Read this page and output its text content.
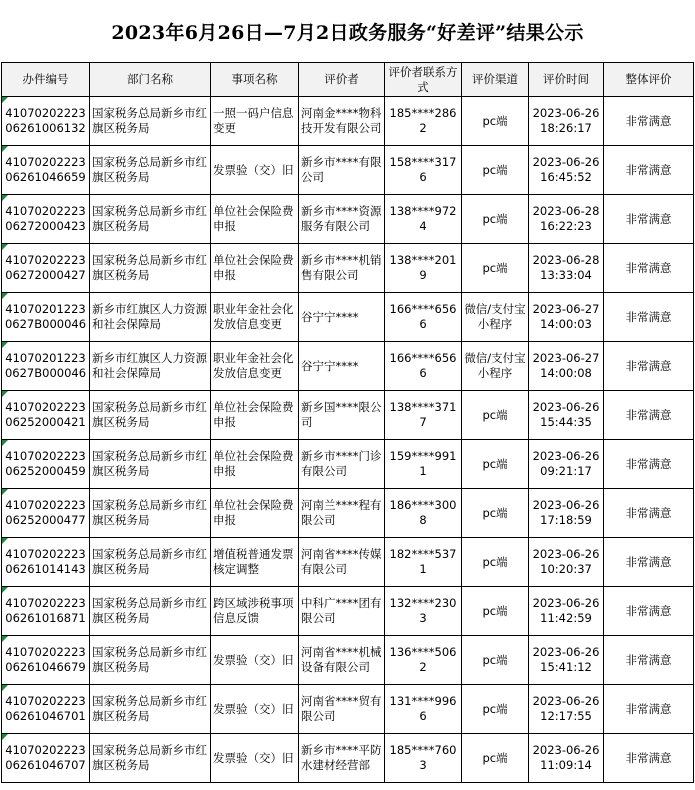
2023年6月26日—7月2日政务服务“好差评”结果公示
办件编号	部门名称	事项名称	评价者	评价者联系方式	评价渠道	评价时间	整体评价
4107020222306261006132	国家税务总局新乡市红旗区税务局	一照一码户信息变更	河南金****物科技开发有限公司	185****2862	pc端	2023-06-26 18:26:17	非常满意
4107020222306261046659	国家税务总局新乡市红旗区税务局	发票验（交）旧	新乡市****有限公司	158****3176	pc端	2023-06-26 16:45:52	非常满意
4107020222306272000423	国家税务总局新乡市红旗区税务局	单位社会保险费申报	新乡市****资源服务有限公司	138****9724	pc端	2023-06-28 16:22:23	非常满意
4107020222306272000427	国家税务总局新乡市红旗区税务局	单位社会保险费申报	新乡市****机销售有限公司	138****2019	pc端	2023-06-28 13:33:04	非常满意
410702012230627B000046	新乡市红旗区人力资源和社会保障局	职业年金社会化发放信息变更	谷宁宁****	166****6566	微信/支付宝小程序	2023-06-27 14:00:03	非常满意
410702012230627B000046	新乡市红旗区人力资源和社会保障局	职业年金社会化发放信息变更	谷宁宁****	166****6566	微信/支付宝小程序	2023-06-27 14:00:08	非常满意
4107020222306252000421	国家税务总局新乡市红旗区税务局	单位社会保险费申报	新乡国****限公司	138****3717	pc端	2023-06-26 15:44:35	非常满意
4107020222306252000459	国家税务总局新乡市红旗区税务局	单位社会保险费申报	新乡市****门诊有限公司	159****9911	pc端	2023-06-26 09:21:17	非常满意
4107020222306252000477	国家税务总局新乡市红旗区税务局	单位社会保险费申报	河南兰****程有限公司	186****3008	pc端	2023-06-26 17:18:59	非常满意
4107020222306261014143	国家税务总局新乡市红旗区税务局	增值税普通发票核定调整	河南省****传媒有限公司	182****5371	pc端	2023-06-26 10:20:37	非常满意
4107020222306261016871	国家税务总局新乡市红旗区税务局	跨区域涉税事项信息反馈	中科广****团有限公司	132****2303	pc端	2023-06-26 11:42:59	非常满意
4107020222306261046679	国家税务总局新乡市红旗区税务局	发票验（交）旧	河南省****机械设备有限公司	136****5062	pc端	2023-06-26 15:41:12	非常满意
4107020222306261046701	国家税务总局新乡市红旗区税务局	发票验（交）旧	河南省****贸有限公司	131****9966	pc端	2023-06-26 12:17:55	非常满意
4107020222306261046707	国家税务总局新乡市红旗区税务局	发票验（交）旧	新乡市****平防水建材经营部	185****7603	pc端	2023-06-26 11:09:14	非常满意
